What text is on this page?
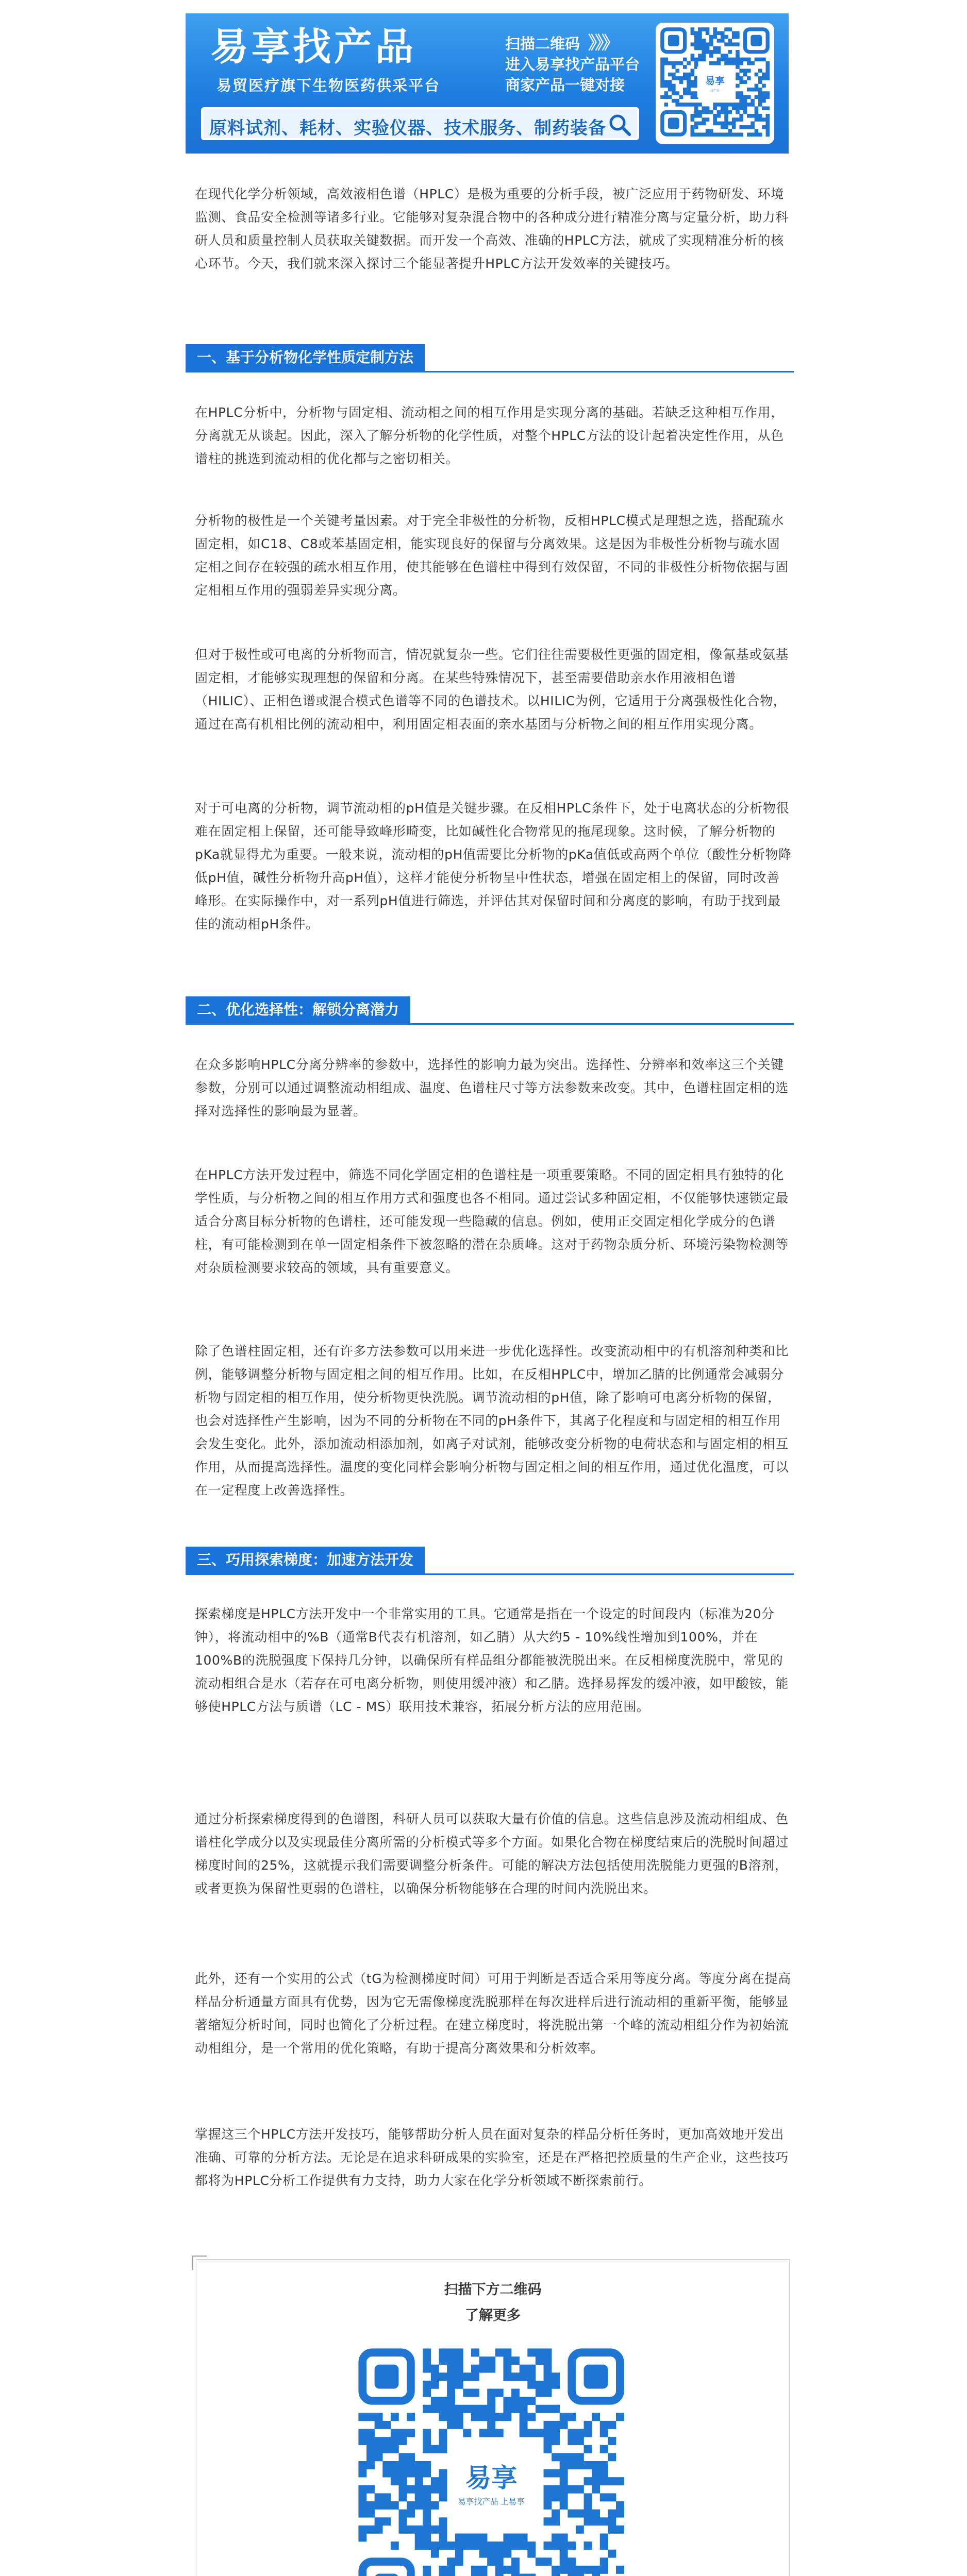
易享找产品
易贸医疗旗下生物医药供采平台
扫描二维码 》》》
进入易享找产品平台
商家产品一键对接
原料试剂、耗材、实验仪器、技术服务、制药装备
易享
找产品

在现代化学分析领域，高效液相色谱（HPLC）是极为重要的分析手段，被广泛应用于药物研发、环境监测、食品安全检测等诸多行业。它能够对复杂混合物中的各种成分进行精准分离与定量分析，助力科研人员和质量控制人员获取关键数据。而开发一个高效、准确的HPLC方法，就成了实现精准分析的核心环节。今天，我们就来深入探讨三个能显著提升HPLC方法开发效率的关键技巧。

一、基于分析物化学性质定制方法

在HPLC分析中，分析物与固定相、流动相之间的相互作用是实现分离的基础。若缺乏这种相互作用，分离就无从谈起。因此，深入了解分析物的化学性质，对整个HPLC方法的设计起着决定性作用，从色谱柱的挑选到流动相的优化都与之密切相关。

分析物的极性是一个关键考量因素。对于完全非极性的分析物，反相HPLC模式是理想之选，搭配疏水固定相，如C18、C8或苯基固定相，能实现良好的保留与分离效果。这是因为非极性分析物与疏水固定相之间存在较强的疏水相互作用，使其能够在色谱柱中得到有效保留，不同的非极性分析物依据与固定相相互作用的强弱差异实现分离。

但对于极性或可电离的分析物而言，情况就复杂一些。它们往往需要极性更强的固定相，像氰基或氨基固定相，才能够实现理想的保留和分离。在某些特殊情况下，甚至需要借助亲水作用液相色谱（HILIC）、正相色谱或混合模式色谱等不同的色谱技术。以HILIC为例，它适用于分离强极性化合物，通过在高有机相比例的流动相中，利用固定相表面的亲水基团与分析物之间的相互作用实现分离。

对于可电离的分析物，调节流动相的pH值是关键步骤。在反相HPLC条件下，处于电离状态的分析物很难在固定相上保留，还可能导致峰形畸变，比如碱性化合物常见的拖尾现象。这时候，了解分析物的pKa就显得尤为重要。一般来说，流动相的pH值需要比分析物的pKa值低或高两个单位（酸性分析物降低pH值，碱性分析物升高pH值），这样才能使分析物呈中性状态，增强在固定相上的保留，同时改善峰形。在实际操作中，对一系列pH值进行筛选，并评估其对保留时间和分离度的影响，有助于找到最佳的流动相pH条件。

二、优化选择性：解锁分离潜力

在众多影响HPLC分离分辨率的参数中，选择性的影响力最为突出。选择性、分辨率和效率这三个关键参数，分别可以通过调整流动相组成、温度、色谱柱尺寸等方法参数来改变。其中，色谱柱固定相的选择对选择性的影响最为显著。

在HPLC方法开发过程中，筛选不同化学固定相的色谱柱是一项重要策略。不同的固定相具有独特的化学性质，与分析物之间的相互作用方式和强度也各不相同。通过尝试多种固定相，不仅能够快速锁定最适合分离目标分析物的色谱柱，还可能发现一些隐藏的信息。例如，使用正交固定相化学成分的色谱柱，有可能检测到在单一固定相条件下被忽略的潜在杂质峰。这对于药物杂质分析、环境污染物检测等对杂质检测要求较高的领域，具有重要意义。

除了色谱柱固定相，还有许多方法参数可以用来进一步优化选择性。改变流动相中的有机溶剂种类和比例，能够调整分析物与固定相之间的相互作用。比如，在反相HPLC中，增加乙腈的比例通常会减弱分析物与固定相的相互作用，使分析物更快洗脱。调节流动相的pH值，除了影响可电离分析物的保留，也会对选择性产生影响，因为不同的分析物在不同的pH条件下，其离子化程度和与固定相的相互作用会发生变化。此外，添加流动相添加剂，如离子对试剂，能够改变分析物的电荷状态和与固定相的相互作用，从而提高选择性。温度的变化同样会影响分析物与固定相之间的相互作用，通过优化温度，可以在一定程度上改善选择性。

三、巧用探索梯度：加速方法开发

探索梯度是HPLC方法开发中一个非常实用的工具。它通常是指在一个设定的时间段内（标准为20分钟），将流动相中的%B（通常B代表有机溶剂，如乙腈）从大约5 - 10%线性增加到100%，并在100%B的洗脱强度下保持几分钟，以确保所有样品组分都能被洗脱出来。在反相梯度洗脱中，常见的流动相组合是水（若存在可电离分析物，则使用缓冲液）和乙腈。选择易挥发的缓冲液，如甲酸铵，能够使HPLC方法与质谱（LC - MS）联用技术兼容，拓展分析方法的应用范围。

通过分析探索梯度得到的色谱图，科研人员可以获取大量有价值的信息。这些信息涉及流动相组成、色谱柱化学成分以及实现最佳分离所需的分析模式等多个方面。如果化合物在梯度结束后的洗脱时间超过梯度时间的25%，这就提示我们需要调整分析条件。可能的解决方法包括使用洗脱能力更强的B溶剂，或者更换为保留性更弱的色谱柱，以确保分析物能够在合理的时间内洗脱出来。

此外，还有一个实用的公式（tG为检测梯度时间）可用于判断是否适合采用等度分离。等度分离在提高样品分析通量方面具有优势，因为它无需像梯度洗脱那样在每次进样后进行流动相的重新平衡，能够显著缩短分析时间，同时也简化了分析过程。在建立梯度时，将洗脱出第一个峰的流动相组分作为初始流动相组分，是一个常用的优化策略，有助于提高分离效果和分析效率。

掌握这三个HPLC方法开发技巧，能够帮助分析人员在面对复杂的样品分析任务时，更加高效地开发出准确、可靠的分析方法。无论是在追求科研成果的实验室，还是在严格把控质量的生产企业，这些技巧都将为HPLC分析工作提供有力支持，助力大家在化学分析领域不断探索前行。

扫描下方二维码
了解更多
易享
易享找产品 上易享
